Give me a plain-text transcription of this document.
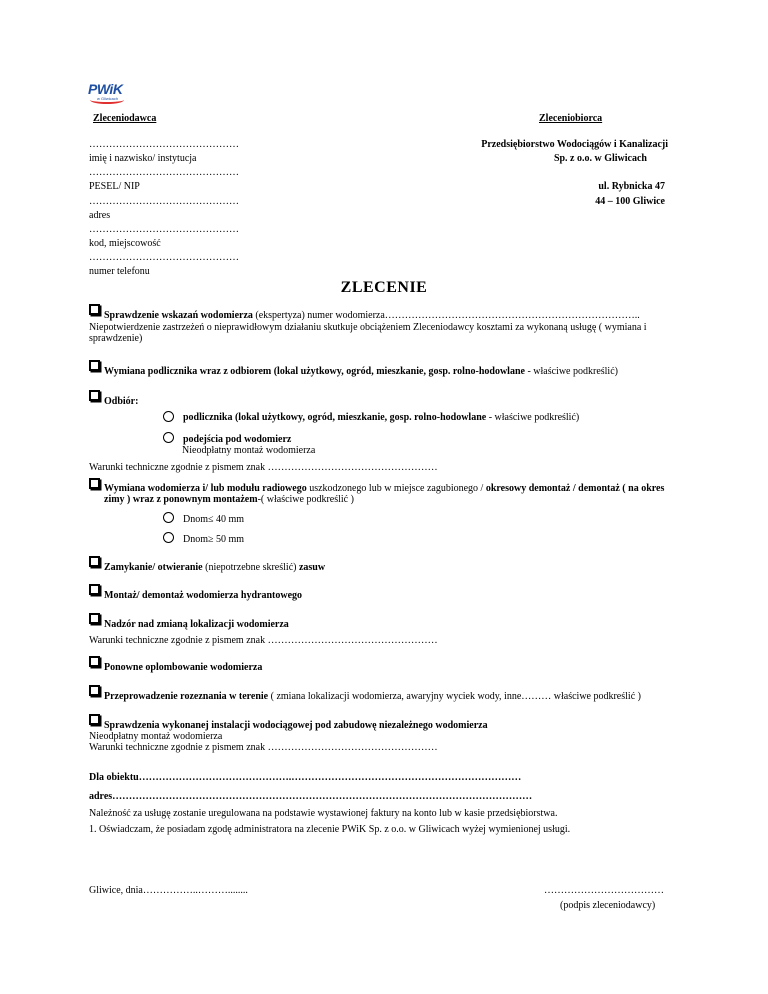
PWiK
w Gliwicach
Zleceniodawca	Zleceniobiorca
………………………………………
imię i nazwisko/ instytucja
………………………………………
PESEL/ NIP
………………………………………
adres
………………………………………
kod, miejscowość
………………………………………
numer telefonu
Przedsiębiorstwo Wodociągów i Kanalizacji
Sp. z o.o. w Gliwicach
ul. Rybnicka 47
44 – 100 Gliwice
ZLECENIE
Sprawdzenie wskazań wodomierza (ekspertyza) numer wodomierza…………………………………………………………………..
Niepotwierdzenie zastrzeżeń o nieprawidłowym działaniu skutkuje obciążeniem Zleceniodawcy kosztami za wykonaną usługę ( wymiana i sprawdzenie)
Wymiana podlicznika wraz z odbiorem (lokal użytkowy, ogród, mieszkanie, gosp. rolno-hodowlane - właściwe podkreślić)
Odbiór:
podlicznika (lokal użytkowy, ogród, mieszkanie, gosp. rolno-hodowlane - właściwe podkreślić)
podejścia pod wodomierz
Nieodpłatny montaż wodomierza
Warunki techniczne zgodnie z pismem znak ……………………………………………
Wymiana wodomierza i/ lub modułu radiowego uszkodzonego lub w miejsce zagubionego / okresowy demontaż / demontaż ( na okres zimy ) wraz z ponownym montażem-( właściwe podkreślić )
Dnom≤ 40 mm
Dnom≥ 50 mm
Zamykanie/ otwieranie (niepotrzebne skreślić) zasuw
Montaż/ demontaż wodomierza hydrantowego
Nadzór nad zmianą lokalizacji wodomierza
Warunki techniczne zgodnie z pismem znak ……………………………………………
Ponowne oplombowanie wodomierza
Przeprowadzenie rozeznania w terenie ( zmiana lokalizacji wodomierza, awaryjny wyciek wody, inne……… właściwe podkreślić )
Sprawdzenia wykonanej instalacji wodociągowej pod zabudowę niezależnego wodomierza
Nieodpłatny montaż wodomierza
Warunki techniczne zgodnie z pismem znak ……………………………………………
Dla obiektu……………………………………….……………………………………………………………
adres………………………………………………………………………………………………………………
Należność za usługę zostanie uregulowana na podstawie wystawionej faktury na konto lub w kasie przedsiębiorstwa.
1. Oświadczam, że posiadam zgodę administratora na zlecenie PWiK Sp. z o.o. w Gliwicach wyżej wymienionej usługi.
Gliwice, dnia……………..………........	………………………………
(podpis zleceniodawcy)
